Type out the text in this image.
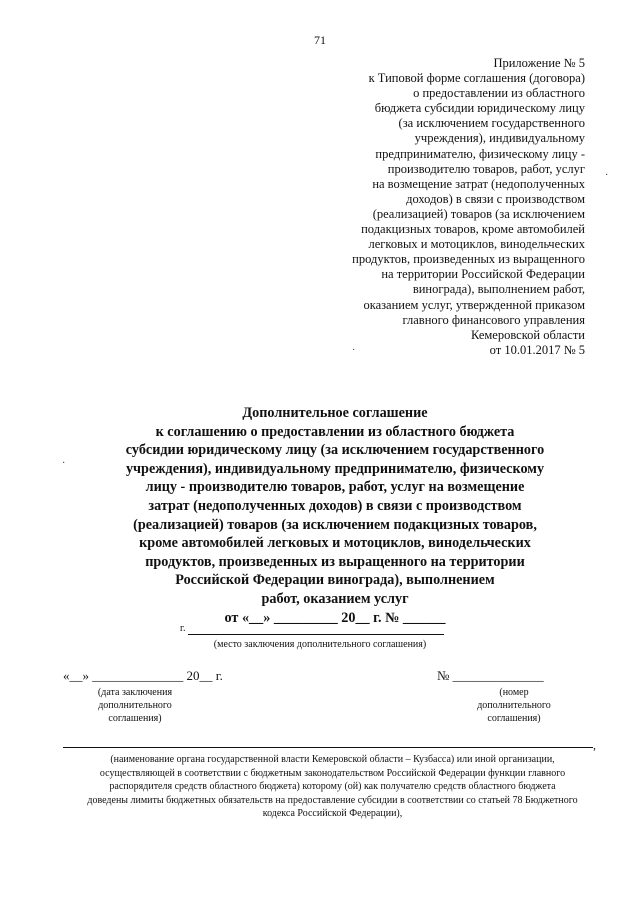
71
Приложение № 5
к Типовой форме соглашения (договора)
о предоставлении из областного
бюджета субсидии юридическому лицу
(за исключением государственного
учреждения), индивидуальному
предпринимателю, физическому лицу -
производителю товаров, работ, услуг
на возмещение затрат (недополученных
доходов) в связи с производством
(реализацией) товаров (за исключением
подакцизных товаров, кроме автомобилей
легковых и мотоциклов, винодельческих
продуктов, произведенных из выращенного
на территории Российской Федерации
винограда), выполнением работ,
оказанием услуг, утвержденной приказом
главного финансового управления
Кемеровской области
от 10.01.2017 № 5
Дополнительное соглашение
к соглашению о предоставлении из областного бюджета
субсидии юридическому лицу (за исключением государственного
учреждения), индивидуальному предпринимателю, физическому
лицу - производителю товаров, работ, услуг на возмещение
затрат (недополученных доходов) в связи с производством
(реализацией) товаров (за исключением подакцизных товаров,
кроме автомобилей легковых и мотоциклов, винодельческих
продуктов, произведенных из выращенного на территории
Российской Федерации винограда), выполнением
работ, оказанием услуг
от «__» _________ 20__ г. № ______
г.
(место заключения дополнительного соглашения)
«__» ______________ 20__ г.
(дата заключения
дополнительного
соглашения)
№ ______________
(номер
дополнительного
соглашения)
,
(наименование органа государственной власти Кемеровской области – Кузбасса) или иной организации,
осуществляющей в соответствии с бюджетным законодательством Российской Федерации функции главного
распорядителя средств областного бюджета) которому (ой) как получателю средств областного бюджета
доведены лимиты бюджетных обязательств на предоставление субсидии в соответствии со статьей 78 Бюджетного
кодекса Российской Федерации),
·
·
·
